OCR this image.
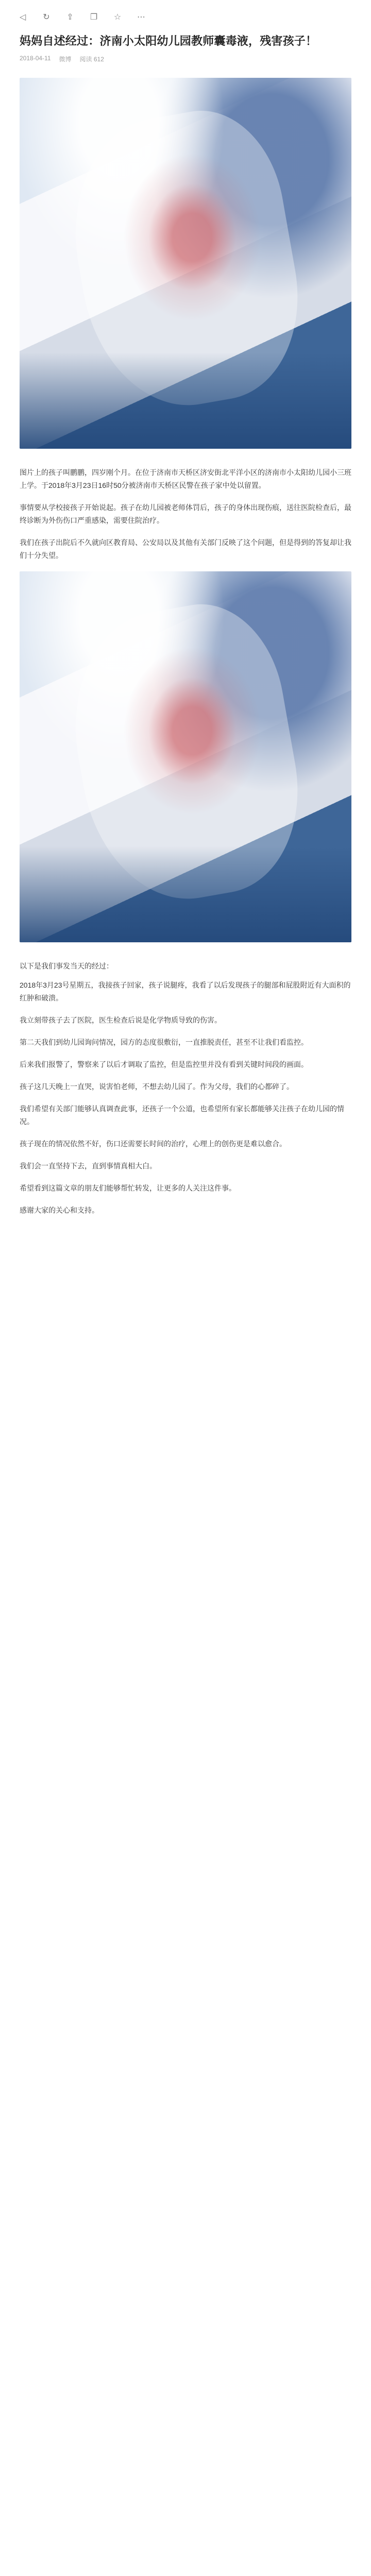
◁ ↻ ⇪ ❐ ☆ ⋯
妈妈自述经过：济南小太阳幼儿园教师囊毒液，残害孩子！
2018-04-11 微博 阅读 612

图片上的孩子叫鹏鹏，四岁刚个月。在位于济南市天桥区济安街北平洋小区的济南市小太阳幼儿园小三班上学。于2018年3月23日16时50分被济南市天桥区民警在孩子家中处以留置。

事情要从学校接孩子开始说起。孩子在幼儿园被老师体罚后，孩子的身体出现伤痕，送往医院检查后，最终诊断为外伤伤口严重感染，需要住院治疗。

我们在孩子出院后不久就向区教育局、公安局以及其他有关部门反映了这个问题，但是得到的答复却让我们十分失望。

以下是我们事发当天的经过：

2018年3月23号星期五，我接孩子回家，孩子说腿疼，我看了以后发现孩子的腿部和屁股附近有大面积的红肿和破溃。

我立刻带孩子去了医院，医生检查后说是化学物质导致的伤害。

第二天我们到幼儿园询问情况，园方的态度很敷衍，一直推脱责任，甚至不让我们看监控。

后来我们报警了，警察来了以后才调取了监控，但是监控里并没有看到关键时间段的画面。

孩子这几天晚上一直哭，说害怕老师，不想去幼儿园了。作为父母，我们的心都碎了。

我们希望有关部门能够认真调查此事，还孩子一个公道，也希望所有家长都能够关注孩子在幼儿园的情况。

孩子现在的情况依然不好，伤口还需要长时间的治疗，心理上的创伤更是难以愈合。

我们会一直坚持下去，直到事情真相大白。

希望看到这篇文章的朋友们能够帮忙转发，让更多的人关注这件事。

感谢大家的关心和支持。
